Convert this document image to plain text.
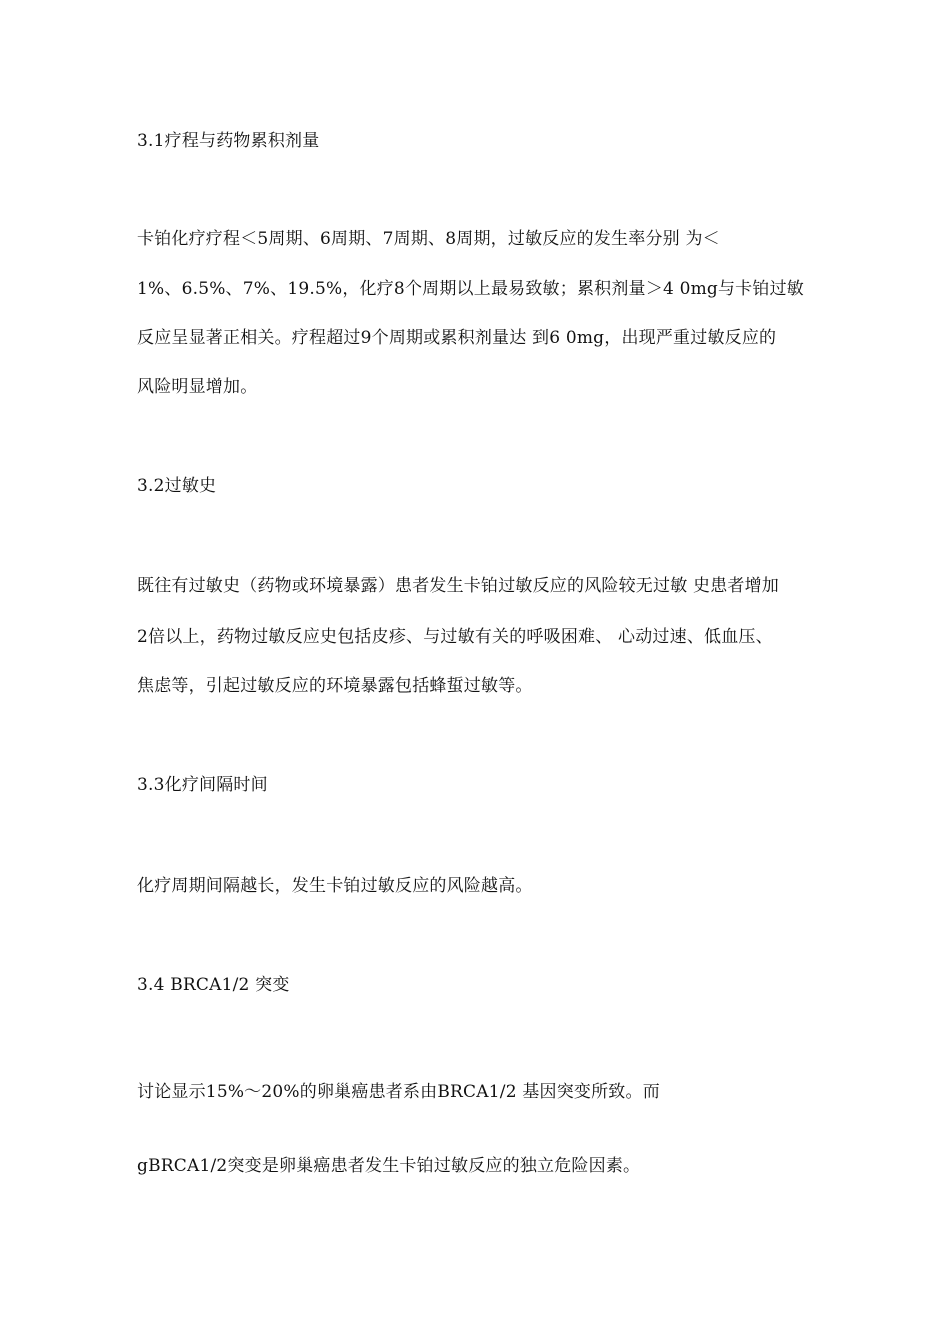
3.1疗程与药物累积剂量

卡铂化疗疗程＜5周期、6周期、7周期、8周期，过敏反应的发生率分别 为＜

1%、6.5%、7%、19.5%，化疗8个周期以上最易致敏；累积剂量＞4 0mg与卡铂过敏

反应呈显著正相关。疗程超过9个周期或累积剂量达 到6 0mg，出现严重过敏反应的

风险明显增加。

3.2过敏史

既往有过敏史（药物或环境暴露）患者发生卡铂过敏反应的风险较无过敏 史患者增加

2倍以上，药物过敏反应史包括皮疹、与过敏有关的呼吸困难、 心动过速、低血压、

焦虑等，引起过敏反应的环境暴露包括蜂蜇过敏等。

3.3化疗间隔时间

化疗周期间隔越长，发生卡铂过敏反应的风险越高。

3.4 BRCA1/2 突变

讨论显示15%〜20%的卵巢癌患者系由BRCA1/2 基因突变所致。而

gBRCA1/2突变是卵巢癌患者发生卡铂过敏反应的独立危险因素。
